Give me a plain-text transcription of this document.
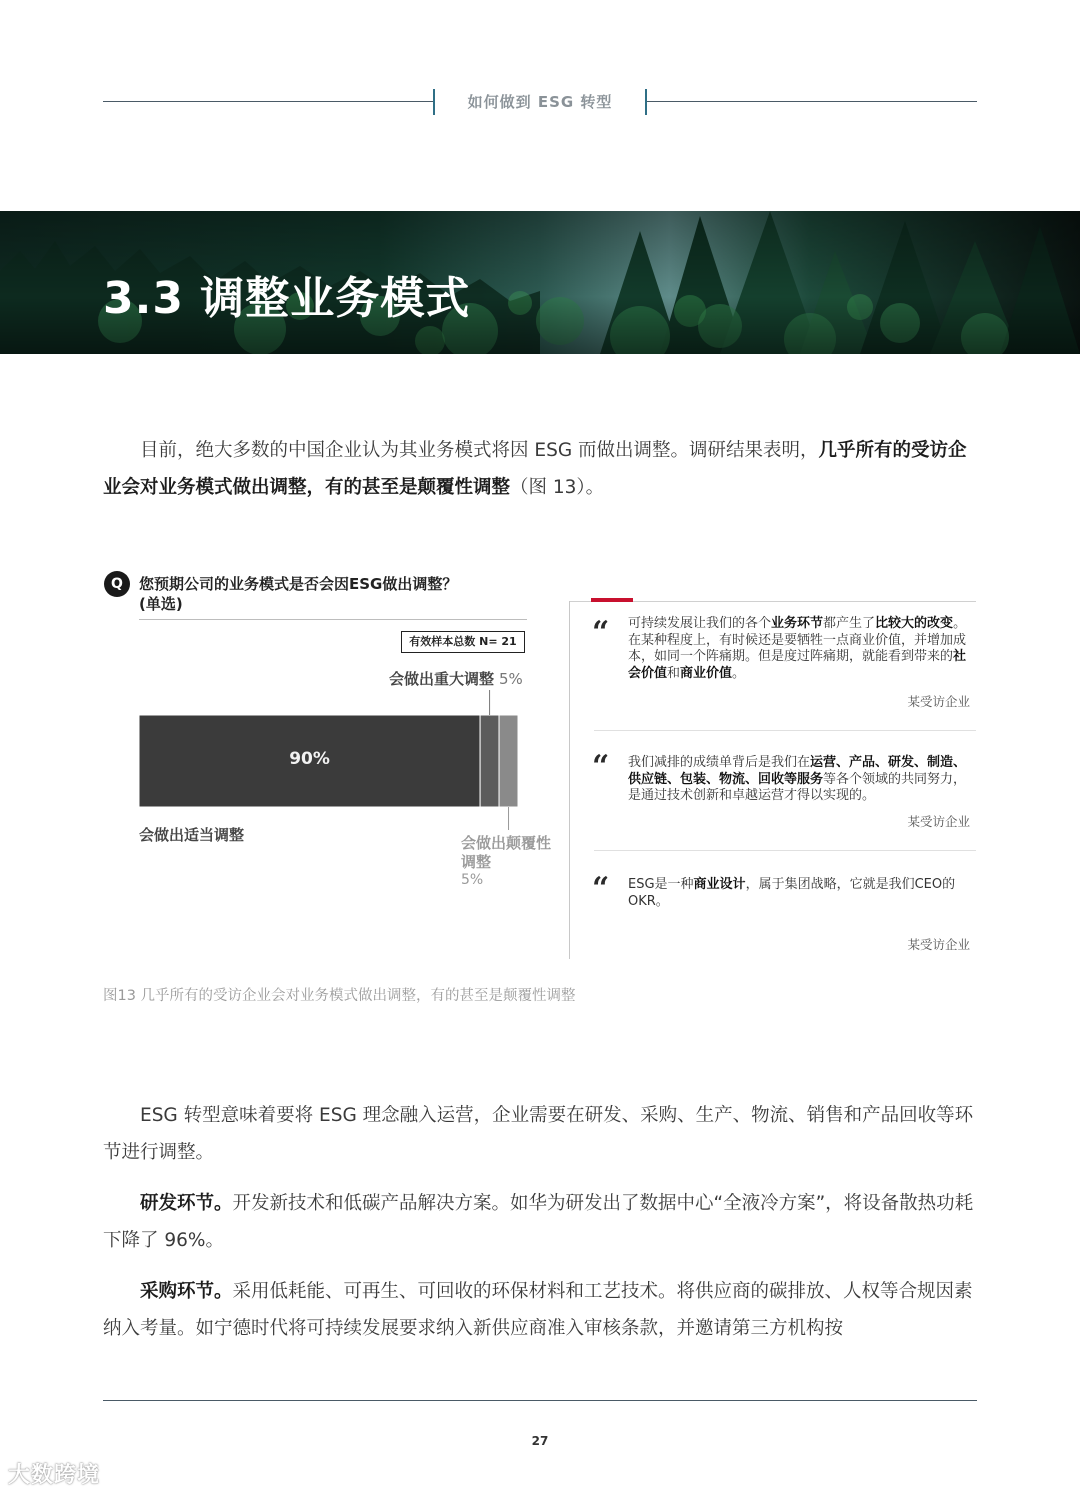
如何做到 ESG 转型
3.3 调整业务模式
目前，绝大多数的中国企业认为其业务模式将因 ESG 而做出调整。调研结果表明，几乎所有的受访企业会对业务模式做出调整，有的甚至是颠覆性调整（图 13）。
Q	您预期公司的业务模式是否会因ESG做出调整？
(单选)
有效样本总数 N= 21
会做出重大调整 5%
90%
会做出适当调整	会做出颠覆性调整
5%
“ 可持续发展让我们的各个业务环节都产生了比较大的改变。在某种程度上，有时候还是要牺牲一点商业价值，并增加成本，如同一个阵痛期。但是度过阵痛期，就能看到带来的社会价值和商业价值。
某受访企业
“ 我们减排的成绩单背后是我们在运营、产品、研发、制造、供应链、包装、物流、回收等服务等各个领域的共同努力，是通过技术创新和卓越运营才得以实现的。
某受访企业
“ ESG是一种商业设计，属于集团战略，它就是我们CEO的OKR。
某受访企业
图13 几乎所有的受访企业会对业务模式做出调整，有的甚至是颠覆性调整
ESG 转型意味着要将 ESG 理念融入运营，企业需要在研发、采购、生产、物流、销售和产品回收等环节进行调整。
研发环节。开发新技术和低碳产品解决方案。如华为研发出了数据中心“全液冷方案”，将设备散热功耗下降了 96%。
采购环节。采用低耗能、可再生、可回收的环保材料和工艺技术。将供应商的碳排放、人权等合规因素纳入考量。如宁德时代将可持续发展要求纳入新供应商准入审核条款，并邀请第三方机构按
27
大数跨境
